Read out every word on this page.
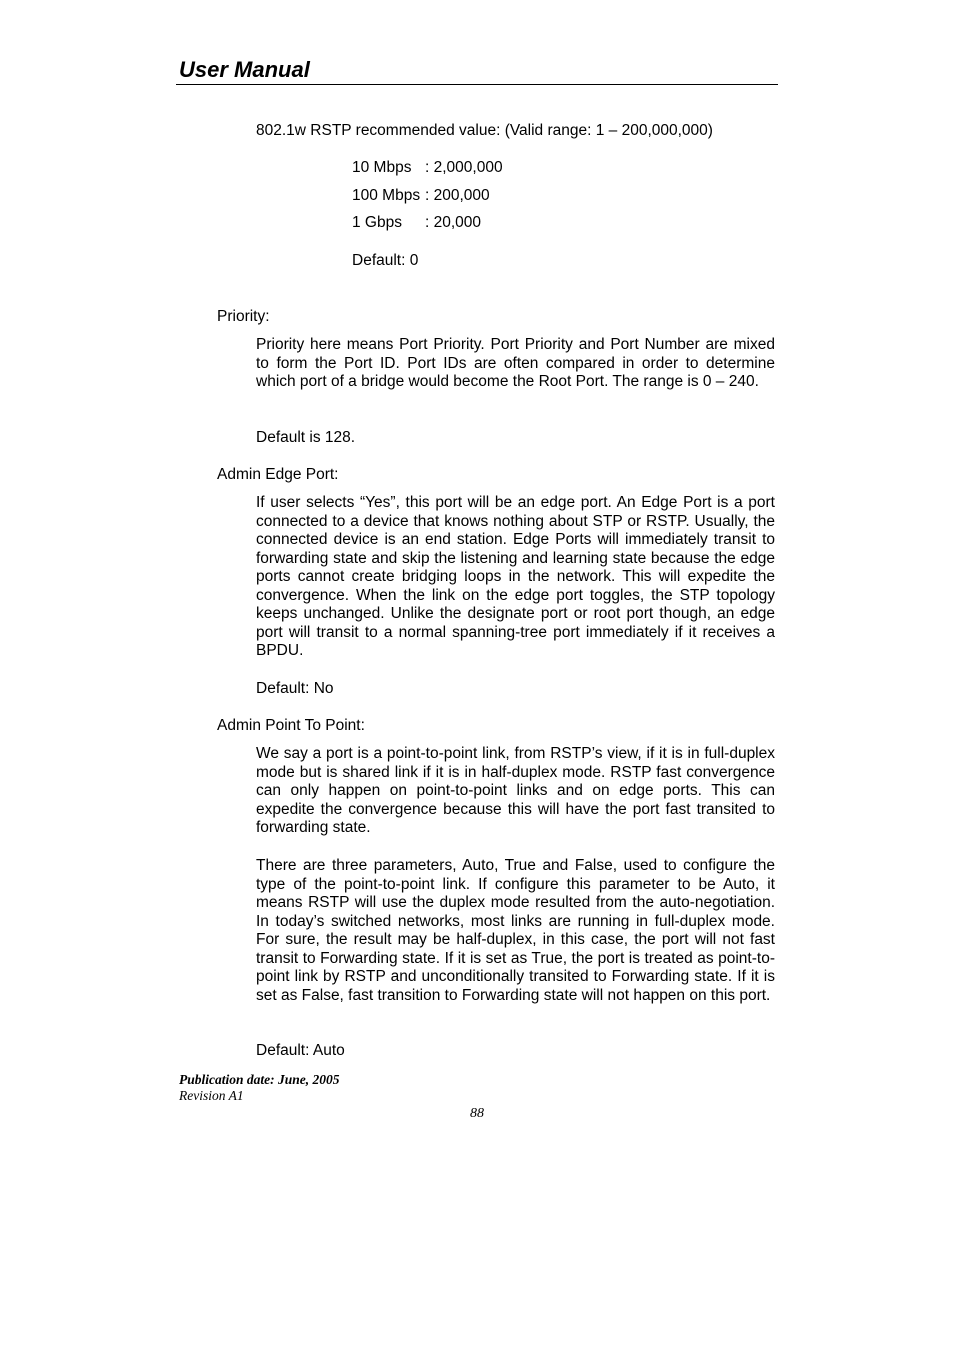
User Manual
802.1w RSTP recommended value: (Valid range: 1 – 200,000,000)
10 Mbps : 2,000,000
100 Mbps : 200,000
1 Gbps : 20,000
Default: 0
Priority:
Priority here means Port Priority. Port Priority and Port Number are mixed to form the Port ID. Port IDs are often compared in order to determine which port of a bridge would become the Root Port. The range is 0 – 240.
Default is 128.
Admin Edge Port:
If user selects “Yes”, this port will be an edge port. An Edge Port is a port connected to a device that knows nothing about STP or RSTP. Usually, the connected device is an end station. Edge Ports will immediately transit to forwarding state and skip the listening and learning state because the edge ports cannot create bridging loops in the network. This will expedite the convergence. When the link on the edge port toggles, the STP topology keeps unchanged. Unlike the designate port or root port though, an edge port will transit to a normal spanning-tree port immediately if it receives a BPDU.
Default: No
Admin Point To Point:
We say a port is a point-to-point link, from RSTP’s view, if it is in full-duplex mode but is shared link if it is in half-duplex mode. RSTP fast convergence can only happen on point-to-point links and on edge ports. This can expedite the convergence because this will have the port fast transited to forwarding state.
There are three parameters, Auto, True and False, used to configure the type of the point-to-point link. If configure this parameter to be Auto, it means RSTP will use the duplex mode resulted from the auto-negotiation. In today’s switched networks, most links are running in full-duplex mode. For sure, the result may be half-duplex, in this case, the port will not fast transit to Forwarding state. If it is set as True, the port is treated as point-to-point link by RSTP and unconditionally transited to Forwarding state. If it is set as False, fast transition to Forwarding state will not happen on this port.
Default: Auto
Publication date: June, 2005
Revision A1
88
